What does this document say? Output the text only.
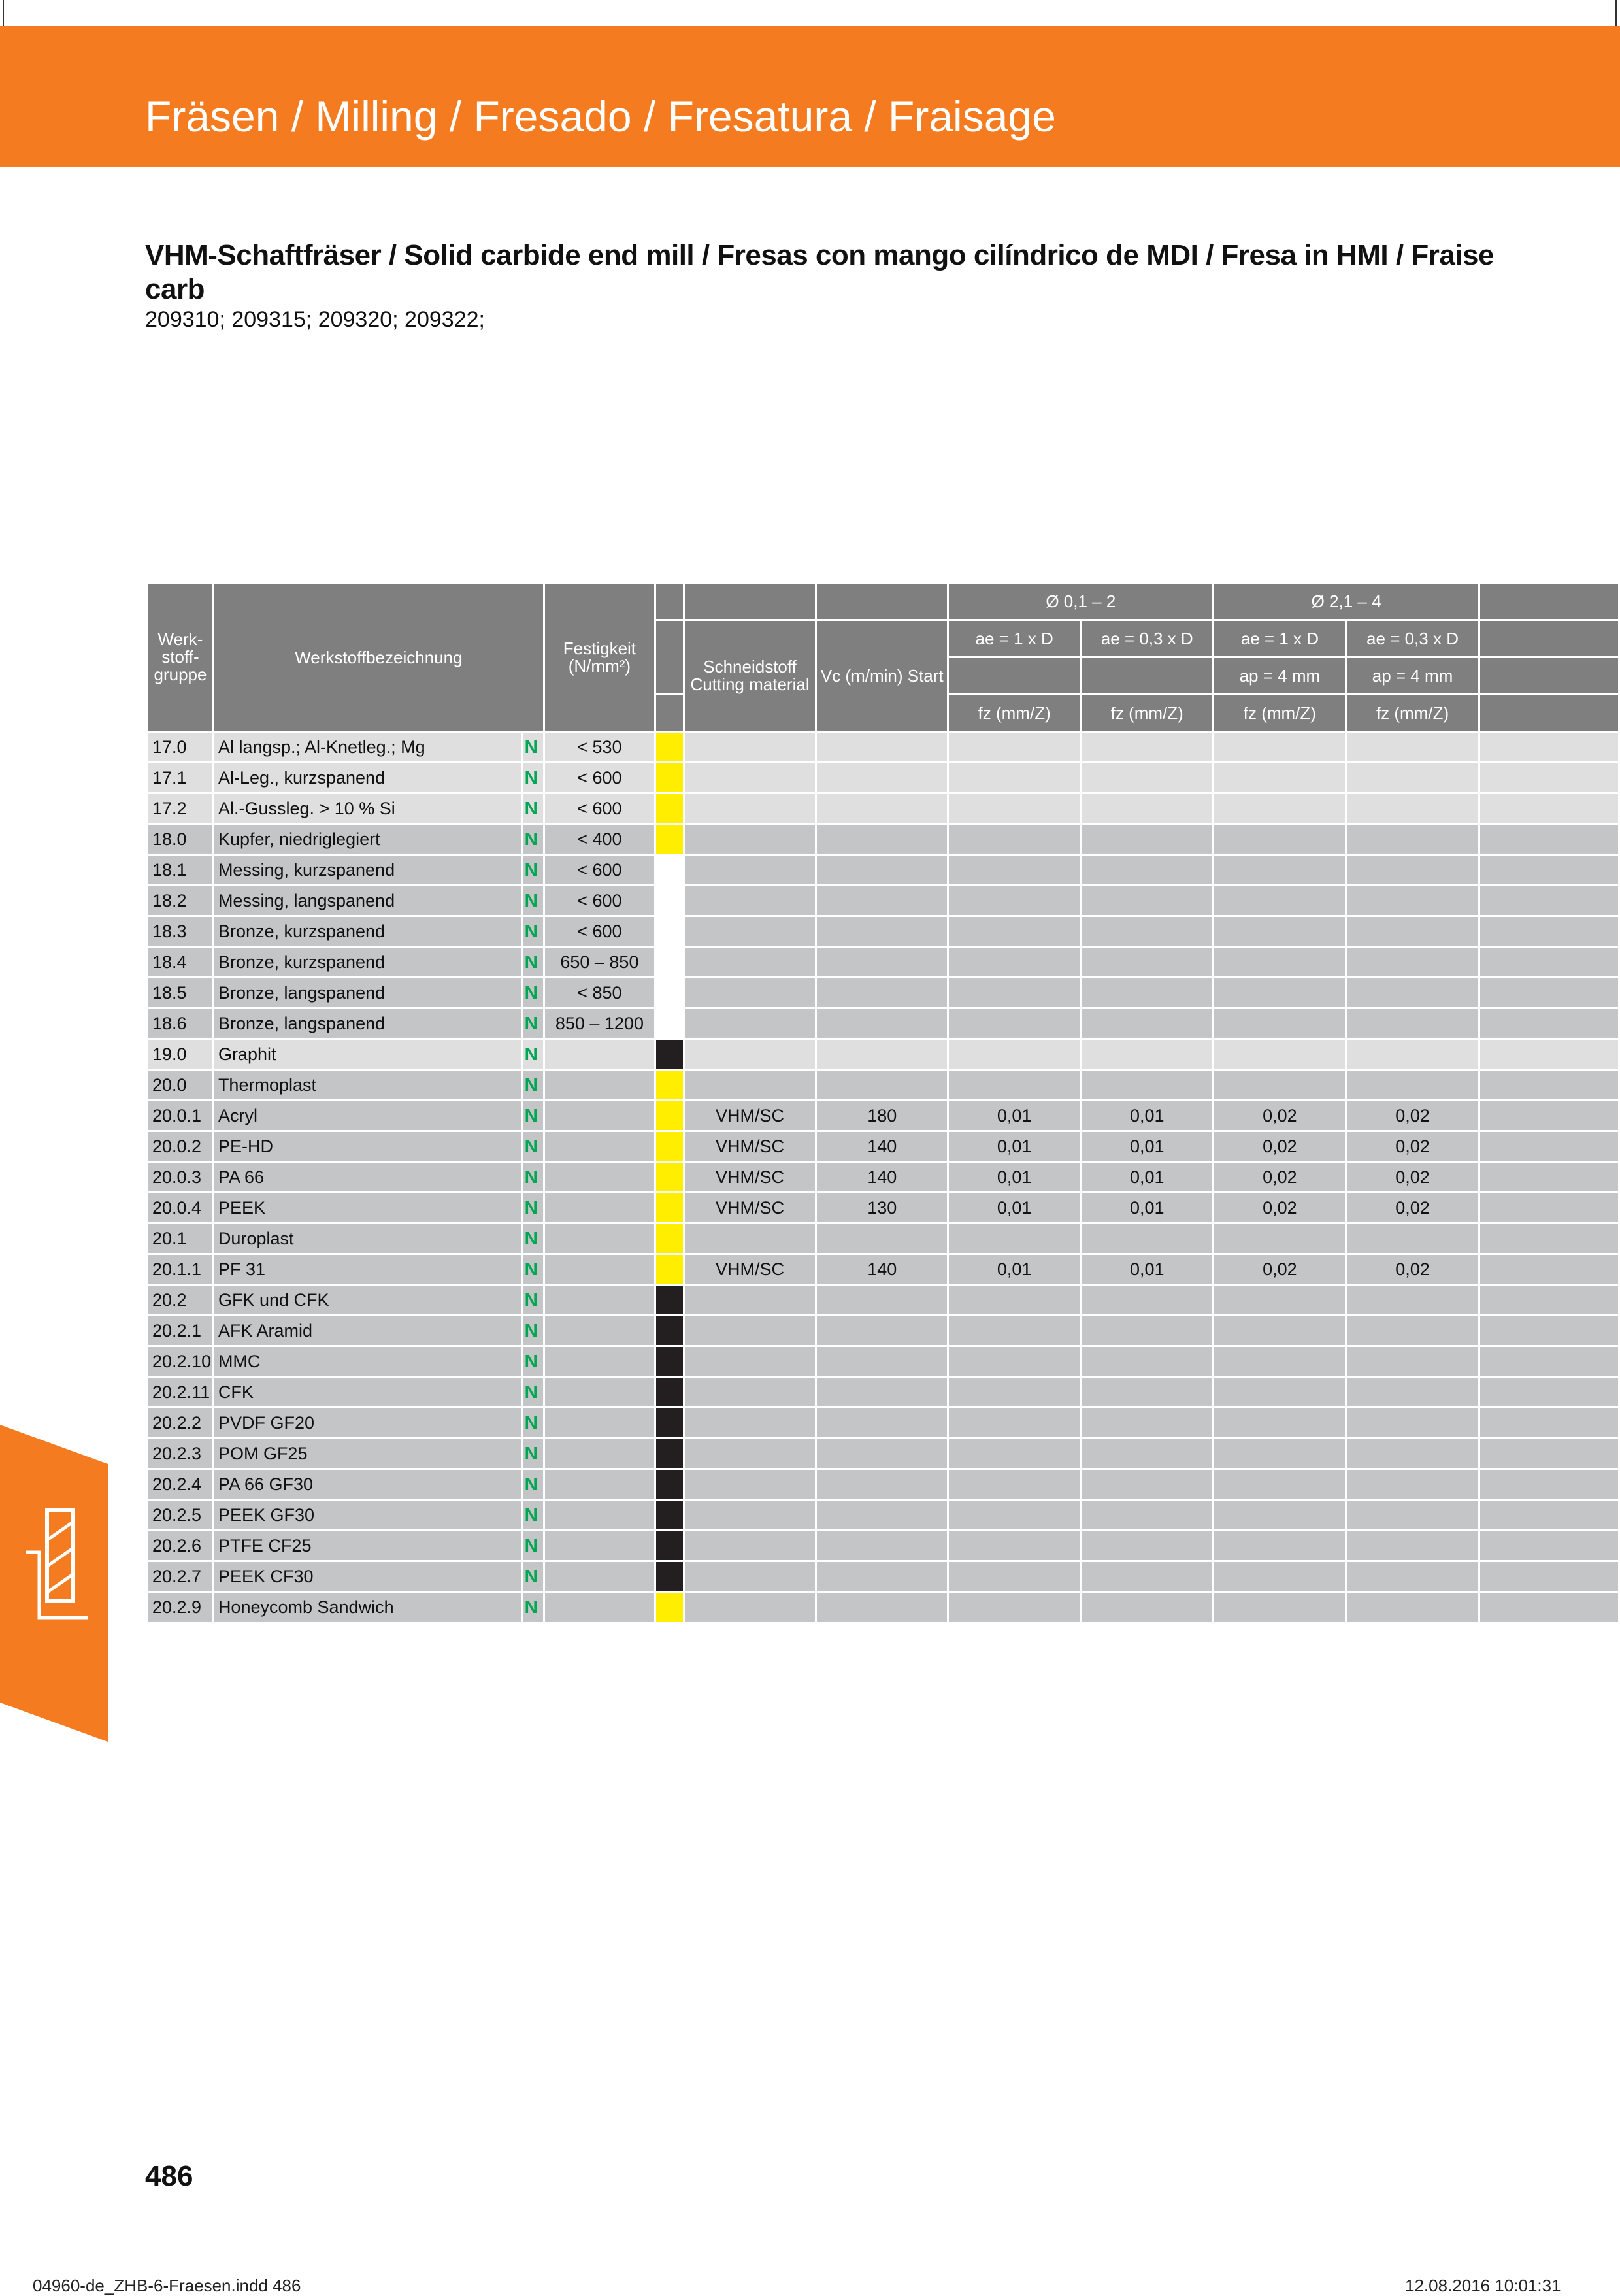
Fräsen / Milling / Fresado / Fresatura / Fraisage
VHM-Schaftfräser / Solid carbide end mill / Fresas con mango cilíndrico de MDI / Fresa in HMI / Fraise carb
209310; 209315; 209320; 209322;
Werk-stoff-gruppe	Werkstoffbezeichnung		Festigkeit (N/mm²)				Ø 0,1 – 2		Ø 2,1 – 4		
					Schneidstoff Cutting material	Vc (m/min) Start	ae = 1 x D	ae = 0,3 x D	ae = 1 x D	ae = 0,3 x D	
									ap = 4 mm	ap = 4 mm	
							fz (mm/Z)	fz (mm/Z)	fz (mm/Z)	fz (mm/Z)	
17.0	Al langsp.; Al-Knetleg.; Mg	N	< 530								
17.1	Al-Leg., kurzspanend	N	< 600								
17.2	Al.-Gussleg. > 10 % Si	N	< 600								
18.0	Kupfer, niedriglegiert	N	< 400								
18.1	Messing, kurzspanend	N	< 600								
18.2	Messing, langspanend	N	< 600								
18.3	Bronze, kurzspanend	N	< 600								
18.4	Bronze, kurzspanend	N	650 – 850								
18.5	Bronze, langspanend	N	< 850								
18.6	Bronze, langspanend	N	850 – 1200								
19.0	Graphit	N									
20.0	Thermoplast	N									
20.0.1	Acryl	N			VHM/SC	180	0,01	0,01	0,02	0,02	
20.0.2	PE-HD	N			VHM/SC	140	0,01	0,01	0,02	0,02	
20.0.3	PA 66	N			VHM/SC	140	0,01	0,01	0,02	0,02	
20.0.4	PEEK	N			VHM/SC	130	0,01	0,01	0,02	0,02	
20.1	Duroplast	N									
20.1.1	PF 31	N			VHM/SC	140	0,01	0,01	0,02	0,02	
20.2	GFK und CFK	N									
20.2.1	AFK Aramid	N									
20.2.10	MMC	N									
20.2.11	CFK	N									
20.2.2	PVDF GF20	N									
20.2.3	POM GF25	N									
20.2.4	PA 66 GF30	N									
20.2.5	PEEK GF30	N									
20.2.6	PTFE CF25	N									
20.2.7	PEEK CF30	N									
20.2.9	Honeycomb Sandwich	N									
486
04960-de_ZHB-6-Fraesen.indd 486	12.08.2016 10:01:31
